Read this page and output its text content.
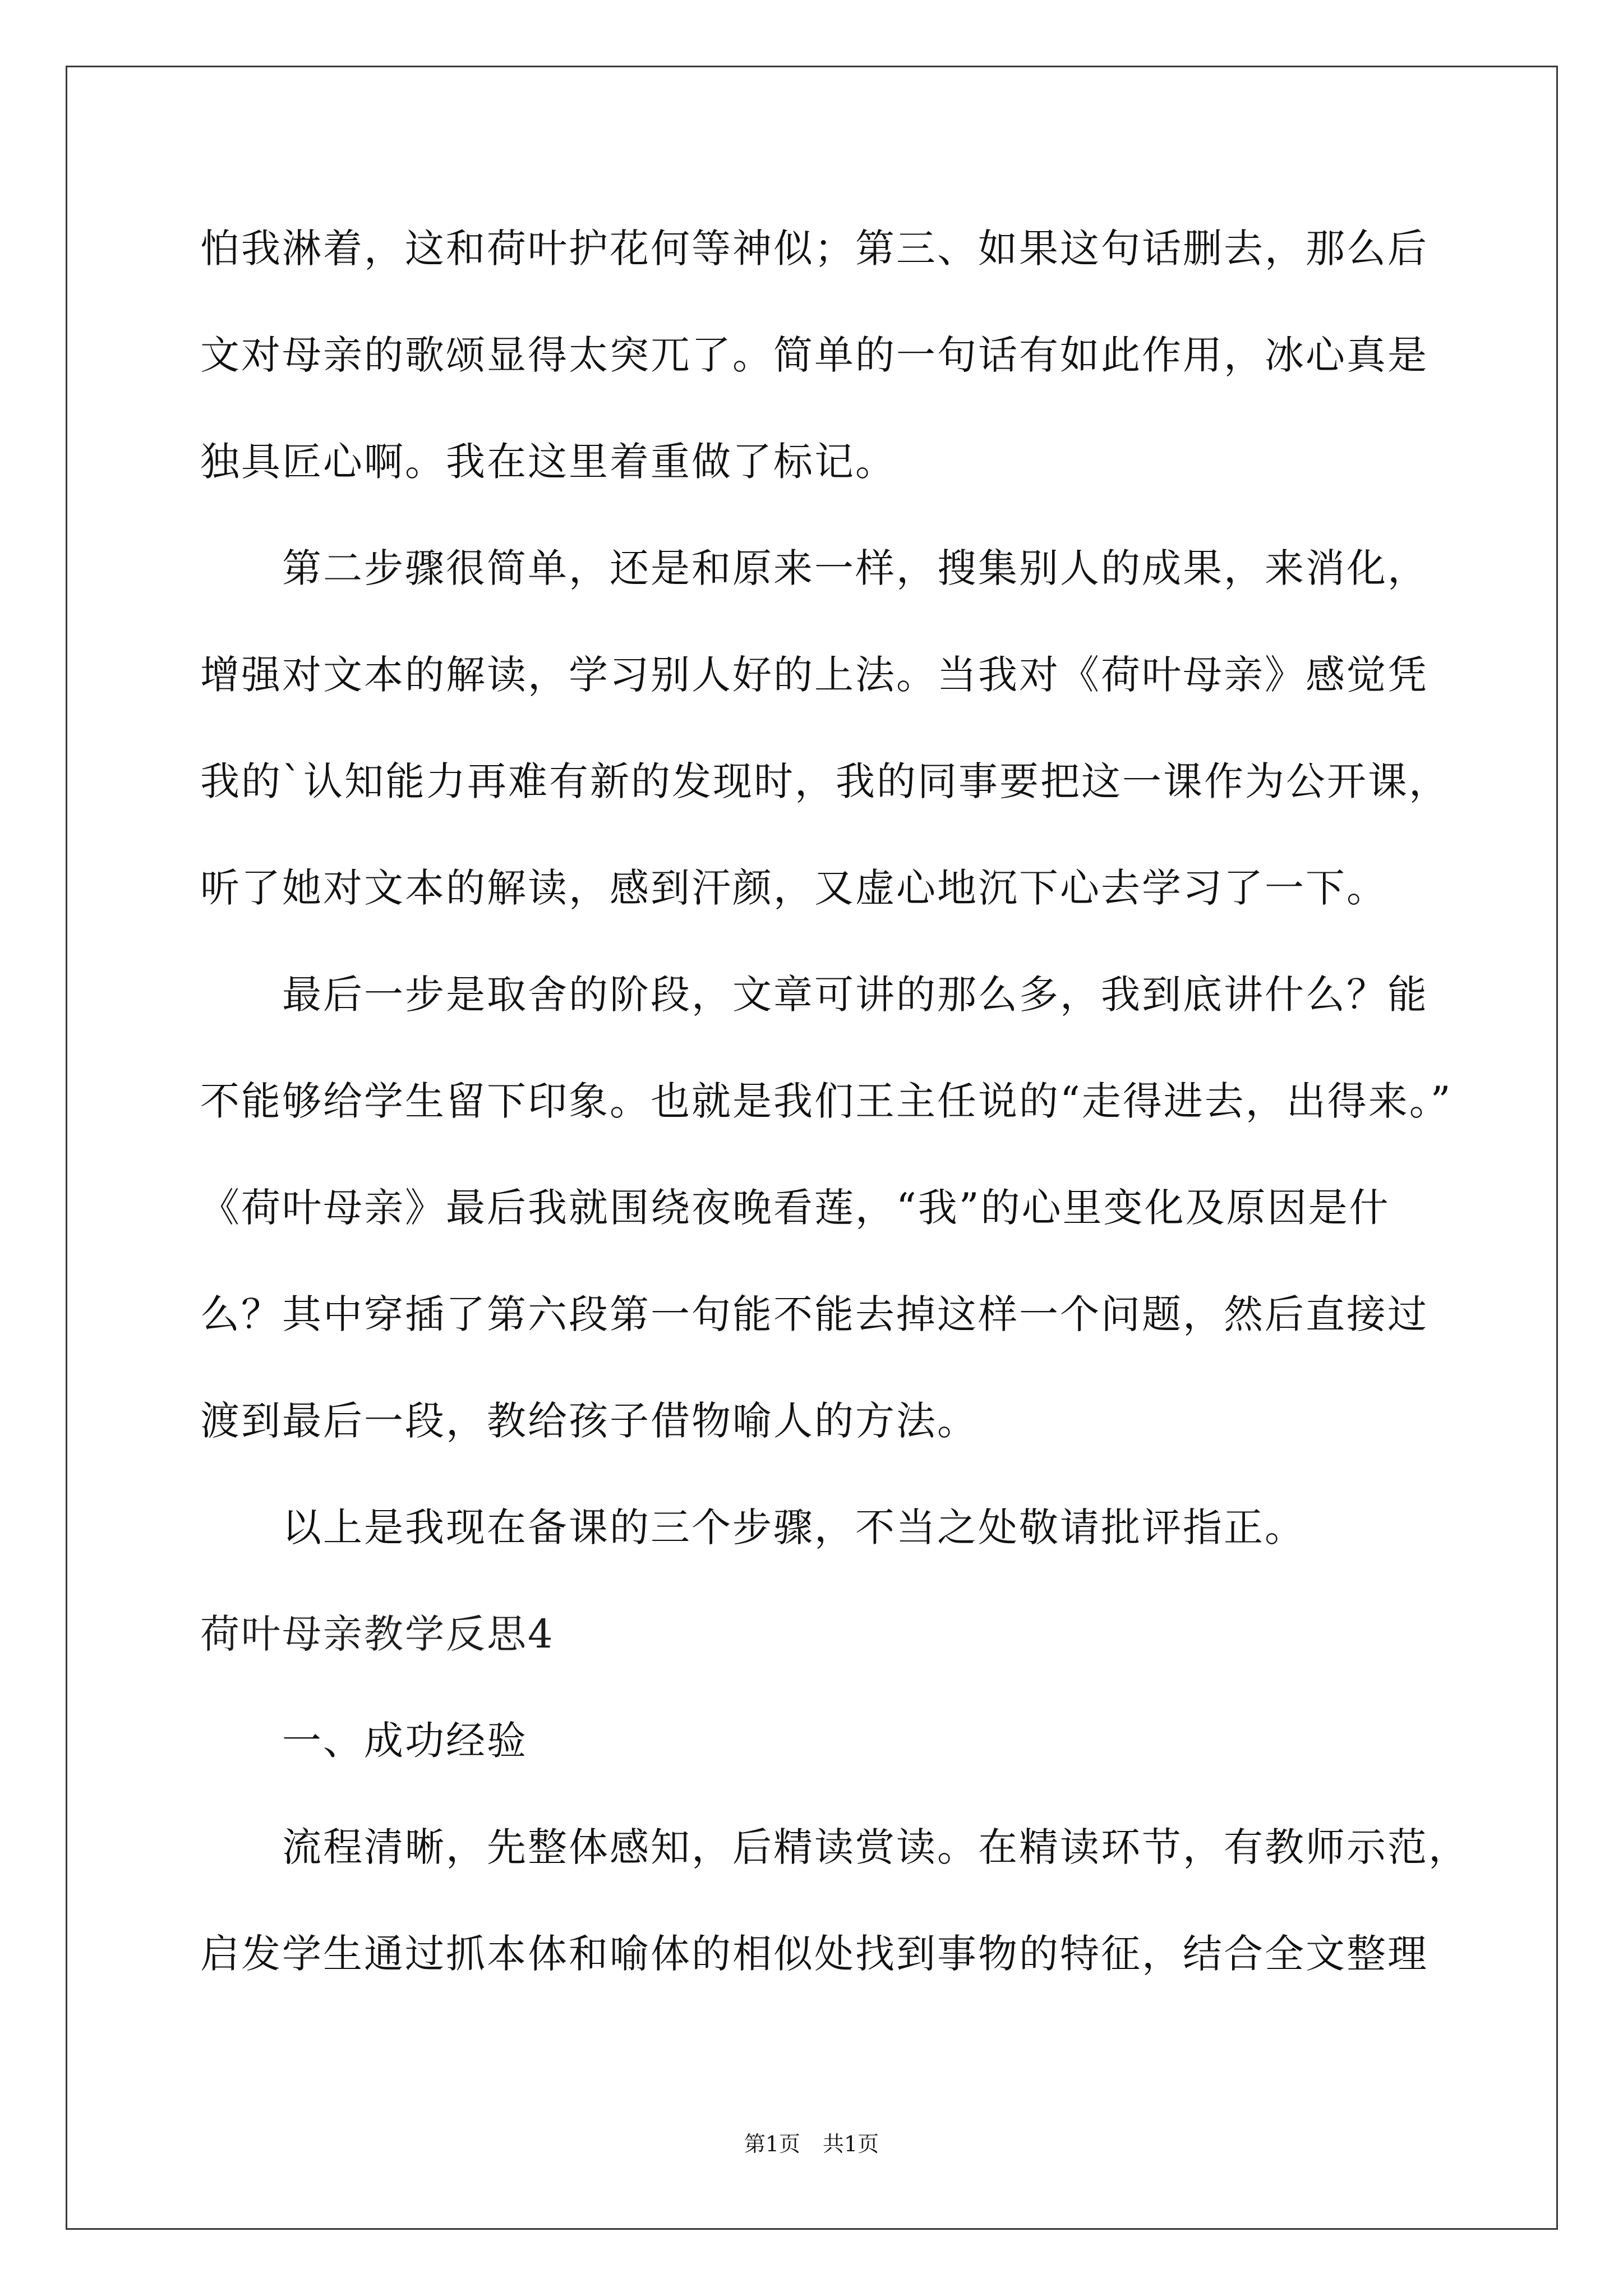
怕我淋着，这和荷叶护花何等神似；第三、如果这句话删去，那么后
文对母亲的歌颂显得太突兀了。简单的一句话有如此作用，冰心真是
独具匠心啊。我在这里着重做了标记。
第二步骤很简单，还是和原来一样，搜集别人的成果，来消化，
增强对文本的解读，学习别人好的上法。当我对《荷叶母亲》感觉凭
我的`认知能力再难有新的发现时，我的同事要把这一课作为公开课，
听了她对文本的解读，感到汗颜，又虚心地沉下心去学习了一下。
最后一步是取舍的阶段，文章可讲的那么多，我到底讲什么？能
不能够给学生留下印象。也就是我们王主任说的“走得进去，出得来。”
《荷叶母亲》最后我就围绕夜晚看莲，“我”的心里变化及原因是什
么？其中穿插了第六段第一句能不能去掉这样一个问题，然后直接过
渡到最后一段，教给孩子借物喻人的方法。
以上是我现在备课的三个步骤，不当之处敬请批评指正。
荷叶母亲教学反思4
一、成功经验
流程清晰，先整体感知，后精读赏读。在精读环节，有教师示范，
启发学生通过抓本体和喻体的相似处找到事物的特征，结合全文整理
第1页 共1页
